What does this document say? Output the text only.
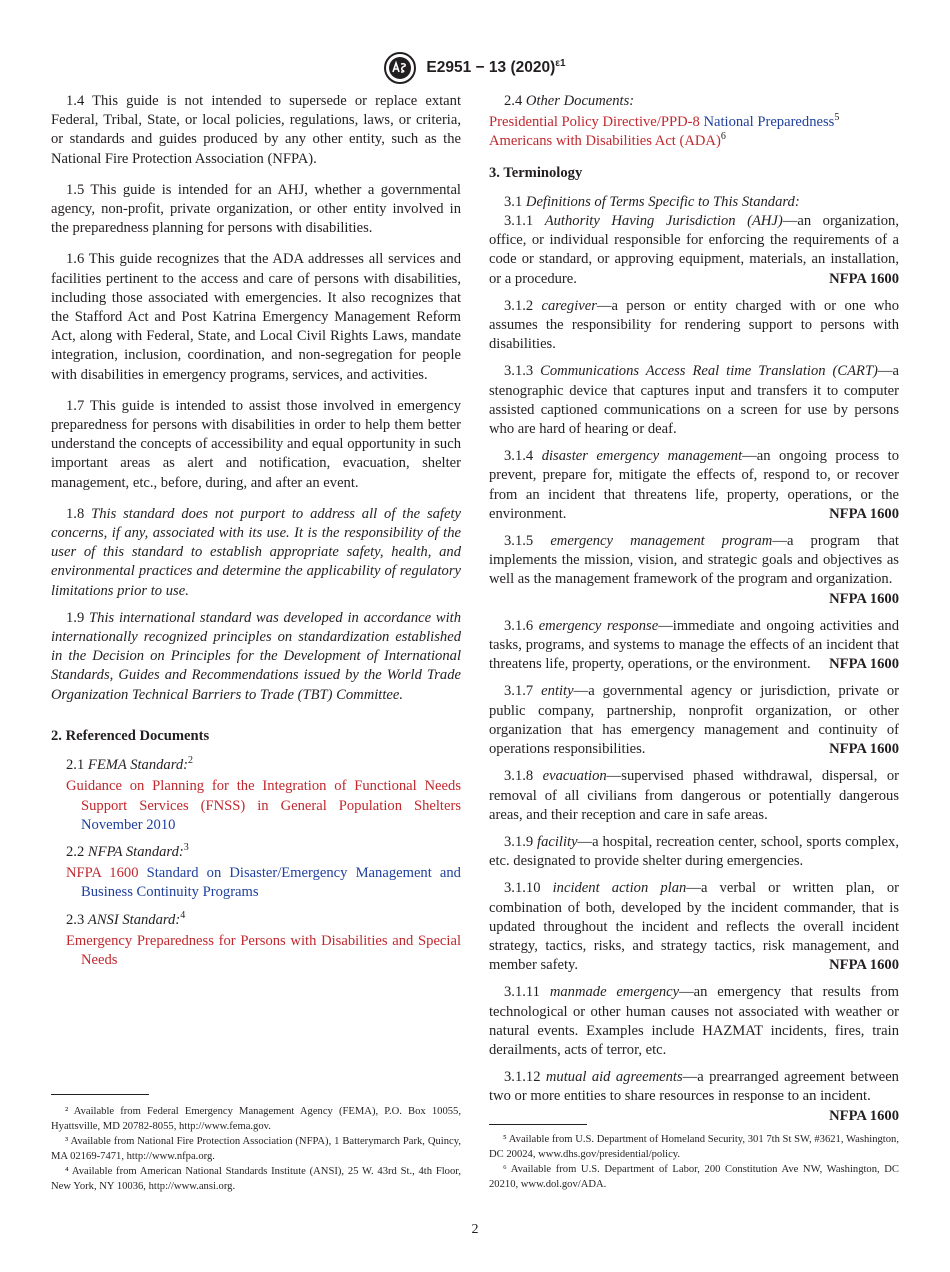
E2951 − 13 $(2020)^{\varepsilon 1}$

1.4 This guide is not intended to supersede or replace extant Federal, Tribal, State, or local policies, regulations, laws, or criteria, or standards and guides produced by any other entity, such as the National Fire Protection Association (NFPA).

1.5 This guide is intended for an AHJ, whether a governmental agency, non-profit, private organization, or other entity involved in the preparedness planning for persons with disabilities.

1.6 This guide recognizes that the ADA addresses all services and facilities pertinent to the access and care of persons with disabilities, including those associated with emergencies. It also recognizes that the Stafford Act and Post Katrina Emergency Management Reform Act, along with Federal, State, and Local Civil Rights Laws, mandate integration, inclusion, coordination, and non-segregation for people with disabilities in emergency programs, services, and activities.

1.7 This guide is intended to assist those involved in emergency preparedness for persons with disabilities in order to help them better understand the concepts of accessibility and equal opportunity in such important areas as alert and notification, evacuation, shelter management, etc., before, during, and after an event.

1.8 This standard does not purport to address all of the safety concerns, if any, associated with its use. It is the responsibility of the user of this standard to establish appropriate safety, health, and environmental practices and determine the applicability of regulatory limitations prior to use.

1.9 This international standard was developed in accordance with internationally recognized principles on standardization established in the Decision on Principles for the Development of International Standards, Guides and Recommendations issued by the World Trade Organization Technical Barriers to Trade (TBT) Committee.

2. Referenced Documents
2.1 FEMA Standard:$^2$
Guidance on Planning for the Integration of Functional Needs Support Services (FNSS) in General Population Shelters November 2010
2.2 NFPA Standard:$^3$
NFPA 1600 Standard on Disaster/Emergency Management and Business Continuity Programs
2.3 ANSI Standard:$^4$
Emergency Preparedness for Persons with Disabilities and Special Needs
² Available from Federal Emergency Management Agency (FEMA), P.O. Box 10055, Hyattsville, MD 20782-8055, http://www.fema.gov.
³ Available from National Fire Protection Association (NFPA), 1 Batterymarch Park, Quincy, MA 02169-7471, http://www.nfpa.org.
⁴ Available from American National Standards Institute (ANSI), 25 W. 43rd St., 4th Floor, New York, NY 10036, http://www.ansi.org.
2.4 Other Documents:
Presidential Policy Directive/PPD-8 National Preparedness$^5$
Americans with Disabilities Act (ADA)$^6$
3. Terminology
3.1 Definitions of Terms Specific to This Standard:

3.1.1 Authority Having Jurisdiction (AHJ)—an organization, office, or individual responsible for enforcing the requirements of a code or standard, or approving equipment, materials, an installation, or a procedure.	NFPA 1600

3.1.2 caregiver—a person or entity charged with or one who assumes the responsibility for rendering support to persons with disabilities.

3.1.3 Communications Access Real time Translation (CART)—a stenographic device that captures input and transfers it to computer assisted captioned communications on a screen for use by persons who are hard of hearing or deaf.

3.1.4 disaster emergency management—an ongoing process to prevent, prepare for, mitigate the effects of, respond to, or recover from an incident that threatens life, property, operations, or the environment.	NFPA 1600

3.1.5 emergency management program—a program that implements the mission, vision, and strategic goals and objectives as well as the management framework of the program and organization.
NFPA 1600

3.1.6 emergency response—immediate and ongoing activities and tasks, programs, and systems to manage the effects of an incident that threatens life, property, operations, or the environment.	NFPA 1600

3.1.7 entity—a governmental agency or jurisdiction, private or public company, partnership, nonprofit organization, or other organization that has emergency management and continuity of operations responsibilities.	NFPA 1600

3.1.8 evacuation—supervised phased withdrawal, dispersal, or removal of all civilians from dangerous or potentially dangerous areas, and their reception and care in safe areas.

3.1.9 facility—a hospital, recreation center, school, sports complex, etc. designated to provide shelter during emergencies.

3.1.10 incident action plan—a verbal or written plan, or combination of both, developed by the incident commander, that is updated throughout the incident and reflects the overall incident strategy, tactics, risks, and strategy tactics, risk management, and member safety.	NFPA 1600

3.1.11 manmade emergency—an emergency that results from technological or other human causes not associated with weather or natural events. Examples include HAZMAT incidents, fires, train derailments, acts of terror, etc.

3.1.12 mutual aid agreements—a prearranged agreement between two or more entities to share resources in response to an incident.
NFPA 1600

⁵ Available from U.S. Department of Homeland Security, 301 7th St SW, #3621, Washington, DC 20024, www.dhs.gov/presidential/policy.
⁶ Available from U.S. Department of Labor, 200 Constitution Ave NW, Washington, DC 20210, www.dol.gov/ADA.
2
